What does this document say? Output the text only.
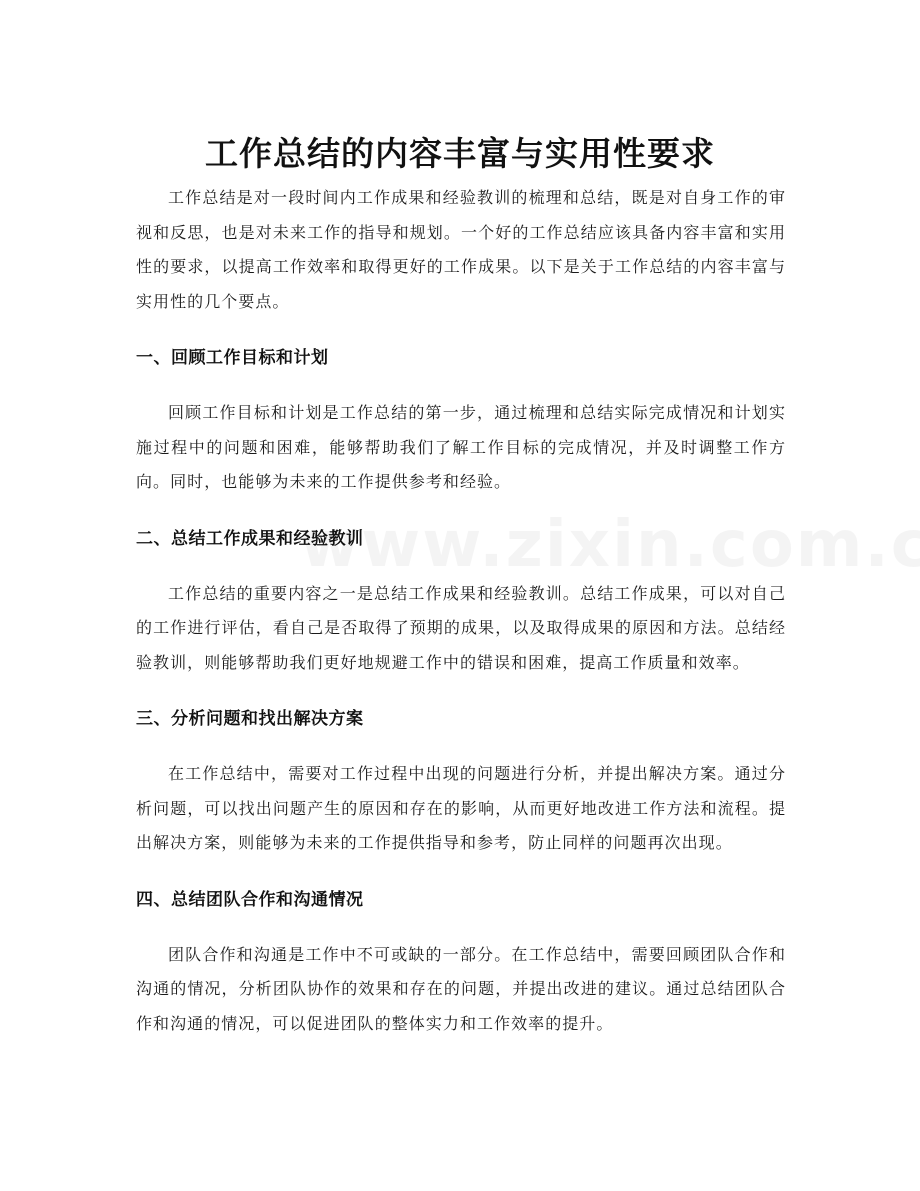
工作总结的内容丰富与实用性要求

工作总结是对一段时间内工作成果和经验教训的梳理和总结，既是对自身工作的审视和反思，也是对未来工作的指导和规划。一个好的工作总结应该具备内容丰富和实用性的要求，以提高工作效率和取得更好的工作成果。以下是关于工作总结的内容丰富与实用性的几个要点。

一、回顾工作目标和计划

回顾工作目标和计划是工作总结的第一步，通过梳理和总结实际完成情况和计划实施过程中的问题和困难，能够帮助我们了解工作目标的完成情况，并及时调整工作方向。同时，也能够为未来的工作提供参考和经验。

二、总结工作成果和经验教训

工作总结的重要内容之一是总结工作成果和经验教训。总结工作成果，可以对自己的工作进行评估，看自己是否取得了预期的成果，以及取得成果的原因和方法。总结经验教训，则能够帮助我们更好地规避工作中的错误和困难，提高工作质量和效率。

三、分析问题和找出解决方案

在工作总结中，需要对工作过程中出现的问题进行分析，并提出解决方案。通过分析问题，可以找出问题产生的原因和存在的影响，从而更好地改进工作方法和流程。提出解决方案，则能够为未来的工作提供指导和参考，防止同样的问题再次出现。

四、总结团队合作和沟通情况

团队合作和沟通是工作中不可或缺的一部分。在工作总结中，需要回顾团队合作和沟通的情况，分析团队协作的效果和存在的问题，并提出改进的建议。通过总结团队合作和沟通的情况，可以促进团队的整体实力和工作效率的提升。
